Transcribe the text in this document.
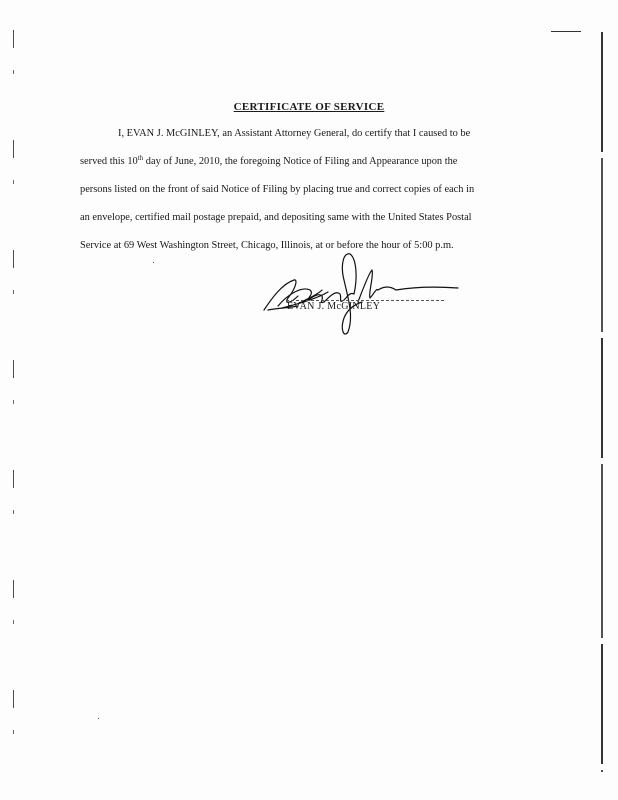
CERTIFICATE OF SERVICE

I, EVAN J. McGINLEY, an Assistant Attorney General, do certify that I caused to be
served this 10th day of June, 2010, the foregoing Notice of Filing and Appearance upon the
persons listed on the front of said Notice of Filing by placing true and correct copies of each in
an envelope, certified mail postage prepaid, and depositing same with the United States Postal
Service at 69 West Washington Street, Chicago, Illinois, at or before the hour of 5:00 p.m.

EVAN J. McGINLEY
